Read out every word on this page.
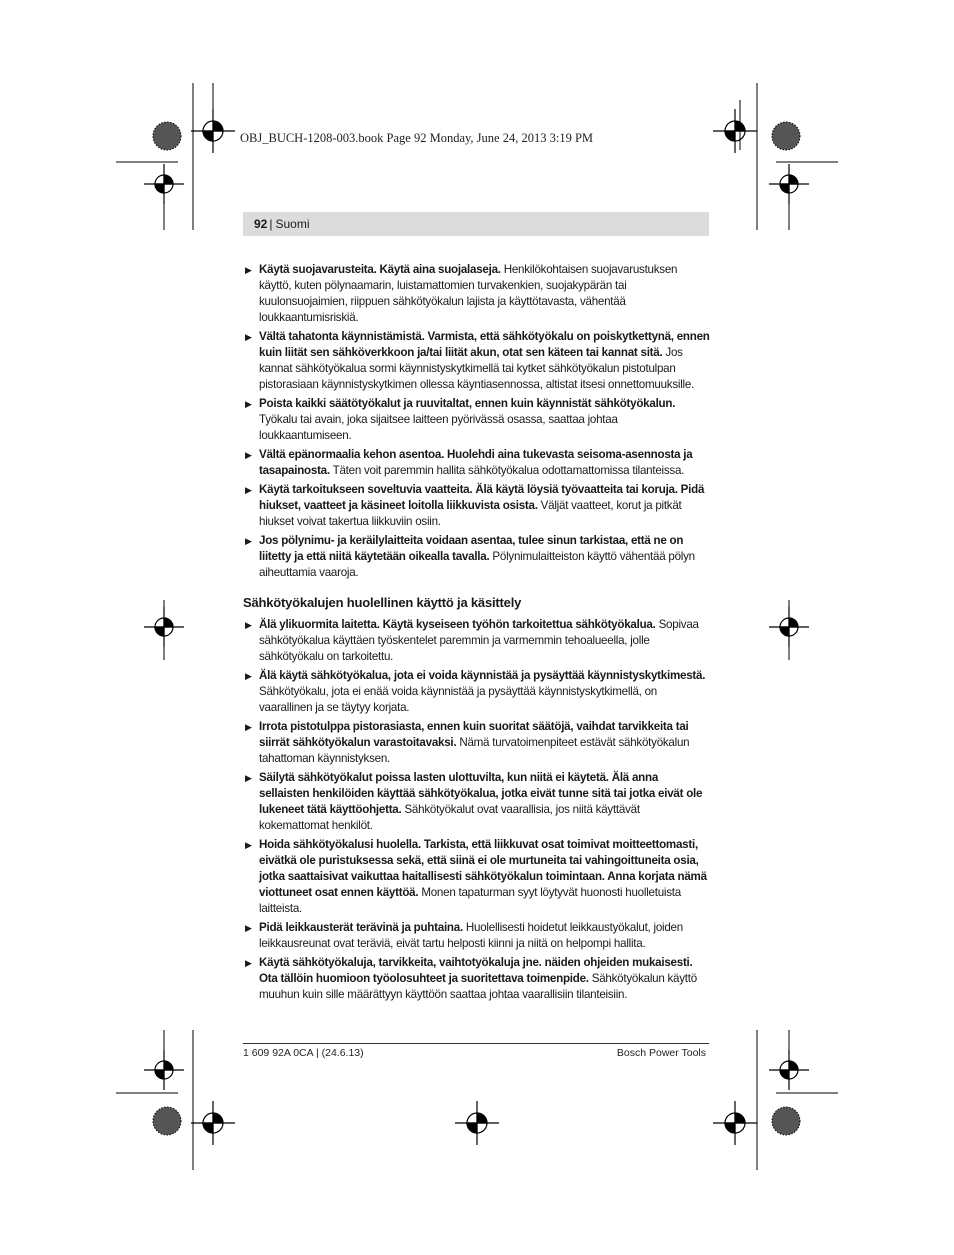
OBJ_BUCH-1208-003.book Page 92 Monday, June 24, 2013 3:19 PM
92 | Suomi
▶ Käytä suojavarusteita. Käytä aina suojalaseja. Henkilökohtaisen suojavarustuksen käyttö, kuten pölynaamarin, luistamattomien turvakenkien, suojakypärän tai kuulonsuojaimien, riippuen sähkötyökalun lajista ja käyttötavasta, vähentää loukkaantumisriskiä.
▶ Vältä tahatonta käynnistämistä. Varmista, että sähkötyökalu on poiskytkettynä, ennen kuin liität sen sähköverkkoon ja/tai liität akun, otat sen käteen tai kannat sitä. Jos kannat sähkötyökalua sormi käynnistyskytkimellä tai kytket sähkötyökalun pistotulpan pistorasiaan käynnistyskytkimen ollessa käyntiasennossa, altistat itsesi onnettomuuksille.
▶ Poista kaikki säätötyökalut ja ruuvitaltat, ennen kuin käynnistät sähkötyökalun. Työkalu tai avain, joka sijaitsee laitteen pyörivässä osassa, saattaa johtaa loukkaantumiseen.
▶ Vältä epänormaalia kehon asentoa. Huolehdi aina tukevasta seisoma-asennosta ja tasapainosta. Täten voit paremmin hallita sähkötyökalua odottamattomissa tilanteissa.
▶ Käytä tarkoitukseen soveltuvia vaatteita. Älä käytä löysiä työvaatteita tai koruja. Pidä hiukset, vaatteet ja käsineet loitolla liikkuvista osista. Väljät vaatteet, korut ja pitkät hiukset voivat takertua liikkuviin osiin.
▶ Jos pölynimu- ja keräilylaitteita voidaan asentaa, tulee sinun tarkistaa, että ne on liitetty ja että niitä käytetään oikealla tavalla. Pölynimulaitteiston käyttö vähentää pölyn aiheuttamia vaaroja.
Sähkötyökalujen huolellinen käyttö ja käsittely
▶ Älä ylikuormita laitetta. Käytä kyseiseen työhön tarkoitettua sähkötyökalua. Sopivaa sähkötyökalua käyttäen työskentelet paremmin ja varmemmin tehoalueella, jolle sähkötyökalu on tarkoitettu.
▶ Älä käytä sähkötyökalua, jota ei voida käynnistää ja pysäyttää käynnistyskytkimestä. Sähkötyökalu, jota ei enää voida käynnistää ja pysäyttää käynnistyskytkimellä, on vaarallinen ja se täytyy korjata.
▶ Irrota pistotulppa pistorasiasta, ennen kuin suoritat säätöjä, vaihdat tarvikkeita tai siirrät sähkötyökalun varastoitavaksi. Nämä turvatoimenpiteet estävät sähkötyökalun tahattoman käynnistyksen.
▶ Säilytä sähkötyökalut poissa lasten ulottuvilta, kun niitä ei käytetä. Älä anna sellaisten henkilöiden käyttää sähkötyökalua, jotka eivät tunne sitä tai jotka eivät ole lukeneet tätä käyttöohjetta. Sähkötyökalut ovat vaarallisia, jos niitä käyttävät kokemattomat henkilöt.
▶ Hoida sähkötyökalusi huolella. Tarkista, että liikkuvat osat toimivat moitteettomasti, eivätkä ole puristuksessa sekä, että siinä ei ole murtuneita tai vahingoittuneita osia, jotka saattaisivat vaikuttaa haitallisesti sähkötyökalun toimintaan. Anna korjata nämä viottuneet osat ennen käyttöä. Monen tapaturman syyt löytyvät huonosti huolletuista laitteista.
▶ Pidä leikkausterät terävinä ja puhtaina. Huolellisesti hoidetut leikkaustyökalut, joiden leikkausreunat ovat teräviä, eivät tartu helposti kiinni ja niitä on helpompi hallita.
▶ Käytä sähkötyökaluja, tarvikkeita, vaihtotyökaluja jne. näiden ohjeiden mukaisesti. Ota tällöin huomioon työolosuhteet ja suoritettava toimenpide. Sähkötyökalun käyttö muuhun kuin sille määrättyyn käyttöön saattaa johtaa vaarallisiin tilanteisiin.
1 609 92A 0CA | (24.6.13)	Bosch Power Tools
